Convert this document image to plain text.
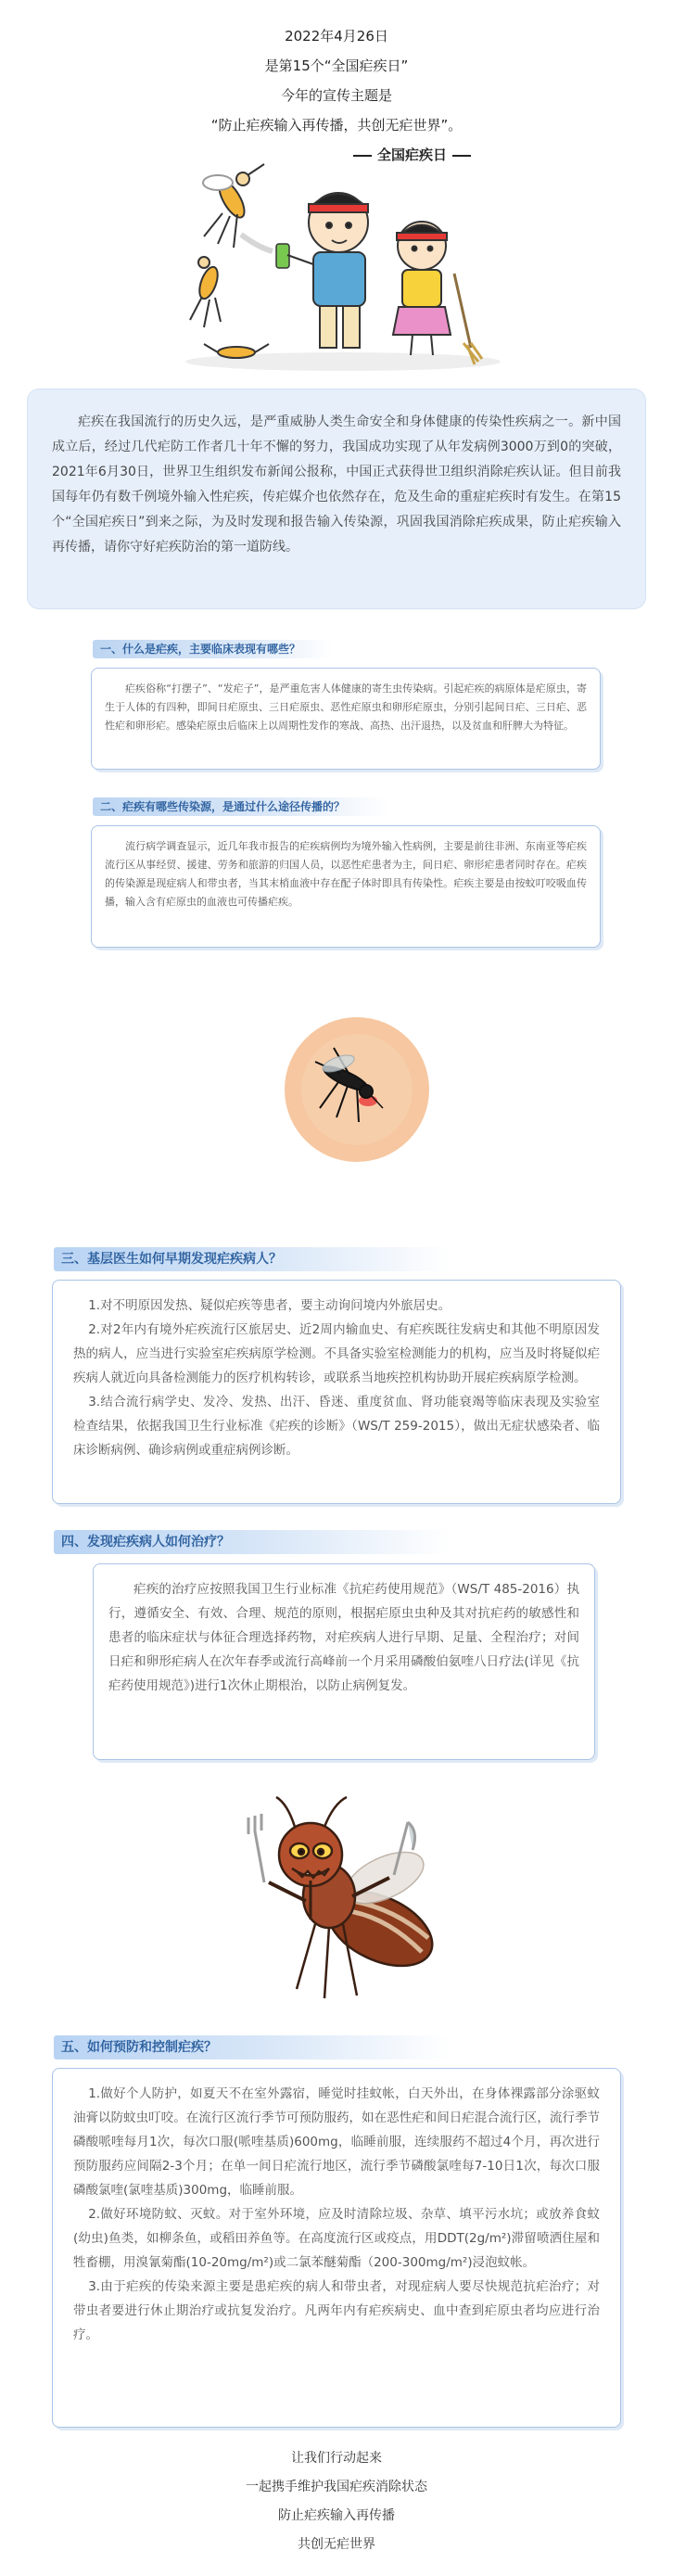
2022年4月26日
是第15个“全国疟疾日”
今年的宣传主题是
“防止疟疾输入再传播，共创无疟世界”。
全国疟疾日

疟疾在我国流行的历史久远，是严重威胁人类生命安全和身体健康的传染性疾病之一。新中国成立后，经过几代疟防工作者几十年不懈的努力，我国成功实现了从年发病例3000万到0的突破，2021年6月30日，世界卫生组织发布新闻公报称，中国正式获得世卫组织消除疟疾认证。但目前我国每年仍有数千例境外输入性疟疾，传疟媒介也依然存在，危及生命的重症疟疾时有发生。在第15个“全国疟疾日”到来之际，为及时发现和报告输入传染源，巩固我国消除疟疾成果，防止疟疾输入再传播，请你守好疟疾防治的第一道防线。

一、什么是疟疾，主要临床表现有哪些？

疟疾俗称“打摆子”、“发疟子”，是严重危害人体健康的寄生虫传染病。引起疟疾的病原体是疟原虫，寄生于人体的有四种，即间日疟原虫、三日疟原虫、恶性疟原虫和卵形疟原虫，分别引起间日疟、三日疟、恶性疟和卵形疟。感染疟原虫后临床上以周期性发作的寒战、高热、出汗退热，以及贫血和肝脾大为特征。

二、疟疾有哪些传染源，是通过什么途径传播的？

流行病学调查显示，近几年我市报告的疟疾病例均为境外输入性病例，主要是前往非洲、东南亚等疟疾流行区从事经贸、援建、劳务和旅游的归国人员，以恶性疟患者为主，间日疟、卵形疟患者同时存在。疟疾的传染源是现症病人和带虫者，当其末梢血液中存在配子体时即具有传染性。疟疾主要是由按蚊叮咬吸血传播，输入含有疟原虫的血液也可传播疟疾。

三、基层医生如何早期发现疟疾病人？

1.对不明原因发热、疑似疟疾等患者，要主动询问境内外旅居史。

2.对2年内有境外疟疾流行区旅居史、近2周内输血史、有疟疾既往发病史和其他不明原因发热的病人，应当进行实验室疟疾病原学检测。不具备实验室检测能力的机构，应当及时将疑似疟疾病人就近向具备检测能力的医疗机构转诊，或联系当地疾控机构协助开展疟疾病原学检测。

3.结合流行病学史、发冷、发热、出汗、昏迷、重度贫血、肾功能衰竭等临床表现及实验室检查结果，依据我国卫生行业标准《疟疾的诊断》（WS/T 259-2015），做出无症状感染者、临床诊断病例、确诊病例或重症病例诊断。

四、发现疟疾病人如何治疗？

疟疾的治疗应按照我国卫生行业标准《抗疟药使用规范》（WS/T 485-2016）执行，遵循安全、有效、合理、规范的原则，根据疟原虫虫种及其对抗疟药的敏感性和患者的临床症状与体征合理选择药物，对疟疾病人进行早期、足量、全程治疗；对间日疟和卵形疟病人在次年春季或流行高峰前一个月采用磷酸伯氨喹八日疗法(详见《抗疟药使用规范》)进行1次休止期根治，以防止病例复发。

五、如何预防和控制疟疾？

1.做好个人防护，如夏天不在室外露宿，睡觉时挂蚊帐，白天外出，在身体裸露部分涂驱蚊油膏以防蚊虫叮咬。在流行区流行季节可预防服药，如在恶性疟和间日疟混合流行区，流行季节磷酸哌喹每月1次，每次口服(哌喹基质)600mg，临睡前服，连续服药不超过4个月，再次进行预防服药应间隔2-3个月；在单一间日疟流行地区，流行季节磷酸氯喹每7-10日1次，每次口服磷酸氯喹(氯喹基质)300mg，临睡前服。

2.做好环境防蚊、灭蚊。对于室外环境，应及时清除垃圾、杂草、填平污水坑；或放养食蚊(幼虫)鱼类，如柳条鱼，或稻田养鱼等。在高度流行区或疫点，用DDT(2g/m²)滞留喷洒住屋和牲畜棚，用溴氰菊酯(10-20mg/m²)或二氯苯醚菊酯（200-300mg/m²)浸泡蚊帐。

3.由于疟疾的传染来源主要是患疟疾的病人和带虫者，对现症病人要尽快规范抗疟治疗；对带虫者要进行休止期治疗或抗复发治疗。凡两年内有疟疾病史、血中查到疟原虫者均应进行治疗。

让我们行动起来
一起携手维护我国疟疾消除状态
防止疟疾输入再传播
共创无疟世界
